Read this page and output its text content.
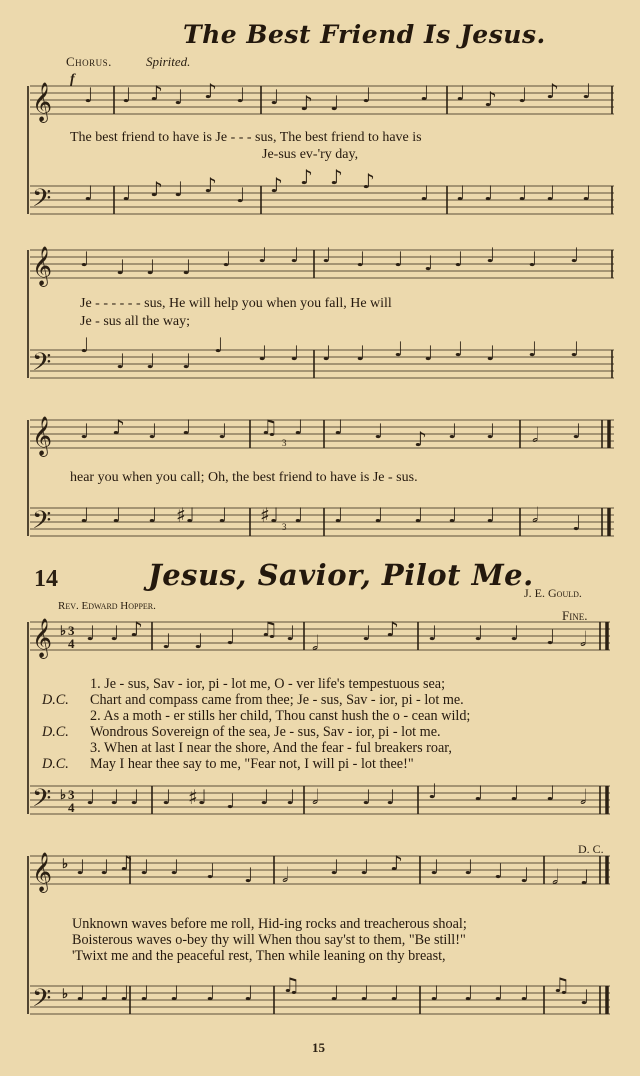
The Best Friend Is Jesus.
Chorus.	Spirited.
f
𝄞
𝄢
♩ ♩ ♪ ♩ ♪ ♩ ♩ ♪ ♩ ♩ ♩ ♩ ♪ ♩ ♪ ♩
♩ ♩ ♪ ♩ ♪ ♩ ♪ ♪ ♪ ♪ ♩ ♩ ♩ ♩ ♩ ♩
The best friend to have is Je - - - sus, The best friend to have is
Je-sus ev-'ry day,
𝄞
𝄢
♩ ♩ ♩ ♩ ♩ ♩ ♩ ♩ ♩ ♩ ♩ ♩ ♩ ♩ ♩
♩
♩ ♩ ♩
♩ ♩ ♩ ♩ ♩ ♩ ♩ ♩ ♩ ♩ ♩
Je - - - - - - sus, He will help you when you fall, He will
Je - sus all the way;
𝄞
𝄢
♩ ♪ ♩ ♩ ♩ ♫ ♩ ♩ ♩ ♪ ♩ ♩ 𝅗𝅥 ♩
♩ ♩ ♩ ♯♩ ♩ ♯♩ ♩ ♩ ♩ ♩ ♩ ♩ 𝅗𝅥 ♩
3
3
hear you when you call; Oh, the best friend to have is Je - sus.
14	Jesus, Savior, Pilot Me.
J. E. Gould.
Rev. Edward Hopper.
Fine.
𝄞
𝄢
♭ 3
4
♭ 3
4
♩ ♩ ♪ ♩ ♩ ♩ ♫ ♩ 𝅗𝅥 ♩ ♪ ♩ ♩ ♩ ♩ 𝅗𝅥
♩ ♩ ♩ ♩ ♯♩ ♩ ♩ ♩ 𝅗𝅥 ♩ ♩ ♩ ♩ ♩ ♩ 𝅗𝅥
1. Je - sus, Sav - ior, pi - lot me, O - ver life's tempestuous sea;
D.C. Chart and compass came from thee; Je - sus, Sav - ior, pi - lot me.
2. As a moth - er stills her child, Thou canst hush the o - cean wild;
D.C. Wondrous Sovereign of the sea, Je - sus, Sav - ior, pi - lot me.
3. When at last I near the shore, And the fear - ful breakers roar,
D.C. May I hear thee say to me, "Fear not, I will pi - lot thee!"
D. C.
𝄞
𝄢
♭
♭
♩ ♩ ♪ ♩ ♩ ♩ ♩ 𝅗𝅥 ♩ ♩ ♪ ♩ ♩ ♩ ♩ 𝅗𝅥 ♩
♩ ♩ ♩ ♩ ♩ ♩ ♩ ♫ ♩ ♩ ♩ ♩ ♩ ♩ ♩ ♫ ♩
Unknown waves before me roll, Hid-ing rocks and treacherous shoal;
Boisterous waves o-bey thy will When thou say'st to them, "Be still!"
'Twixt me and the peaceful rest, Then while leaning on thy breast,
15
